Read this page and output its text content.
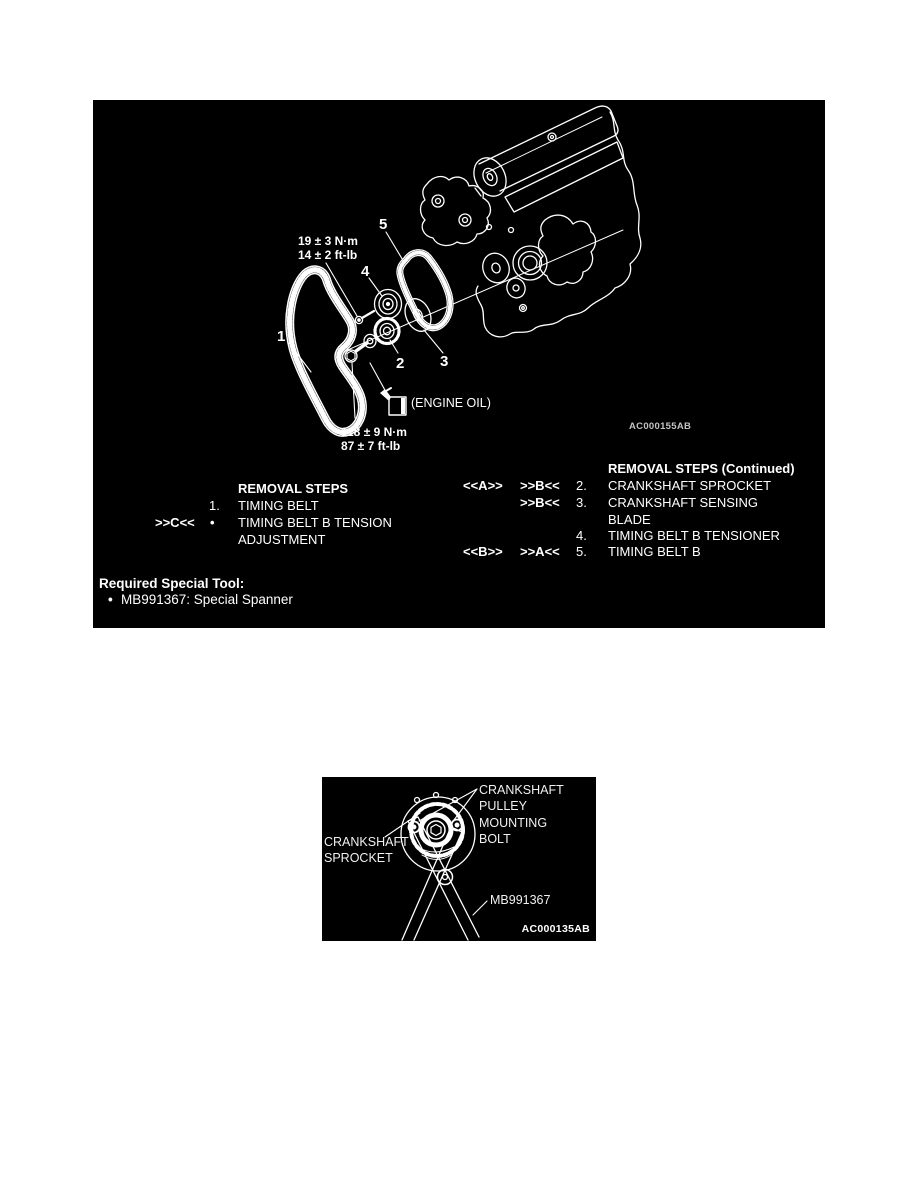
19 ± 3 N·m
14 ± 2 ft-lb
118 ± 9 N·m
87 ± 7 ft-lb
5
4
1
2 3
(ENGINE OIL)
AC000155AB
REMOVAL STEPS
1. TIMING BELT
>>C<< • TIMING BELT B TENSION ADJUSTMENT
REMOVAL STEPS (Continued)
<<A>> >>B<< 2. CRANKSHAFT SPROCKET
>>B<< 3. CRANKSHAFT SENSING BLADE
4. TIMING BELT B TENSIONER
<<B>> >>A<< 5. TIMING BELT B
Required Special Tool:
• MB991367: Special Spanner
CRANKSHAFT
PULLEY
MOUNTING
BOLT
CRANKSHAFT
SPROCKET
MB991367
AC000135AB
